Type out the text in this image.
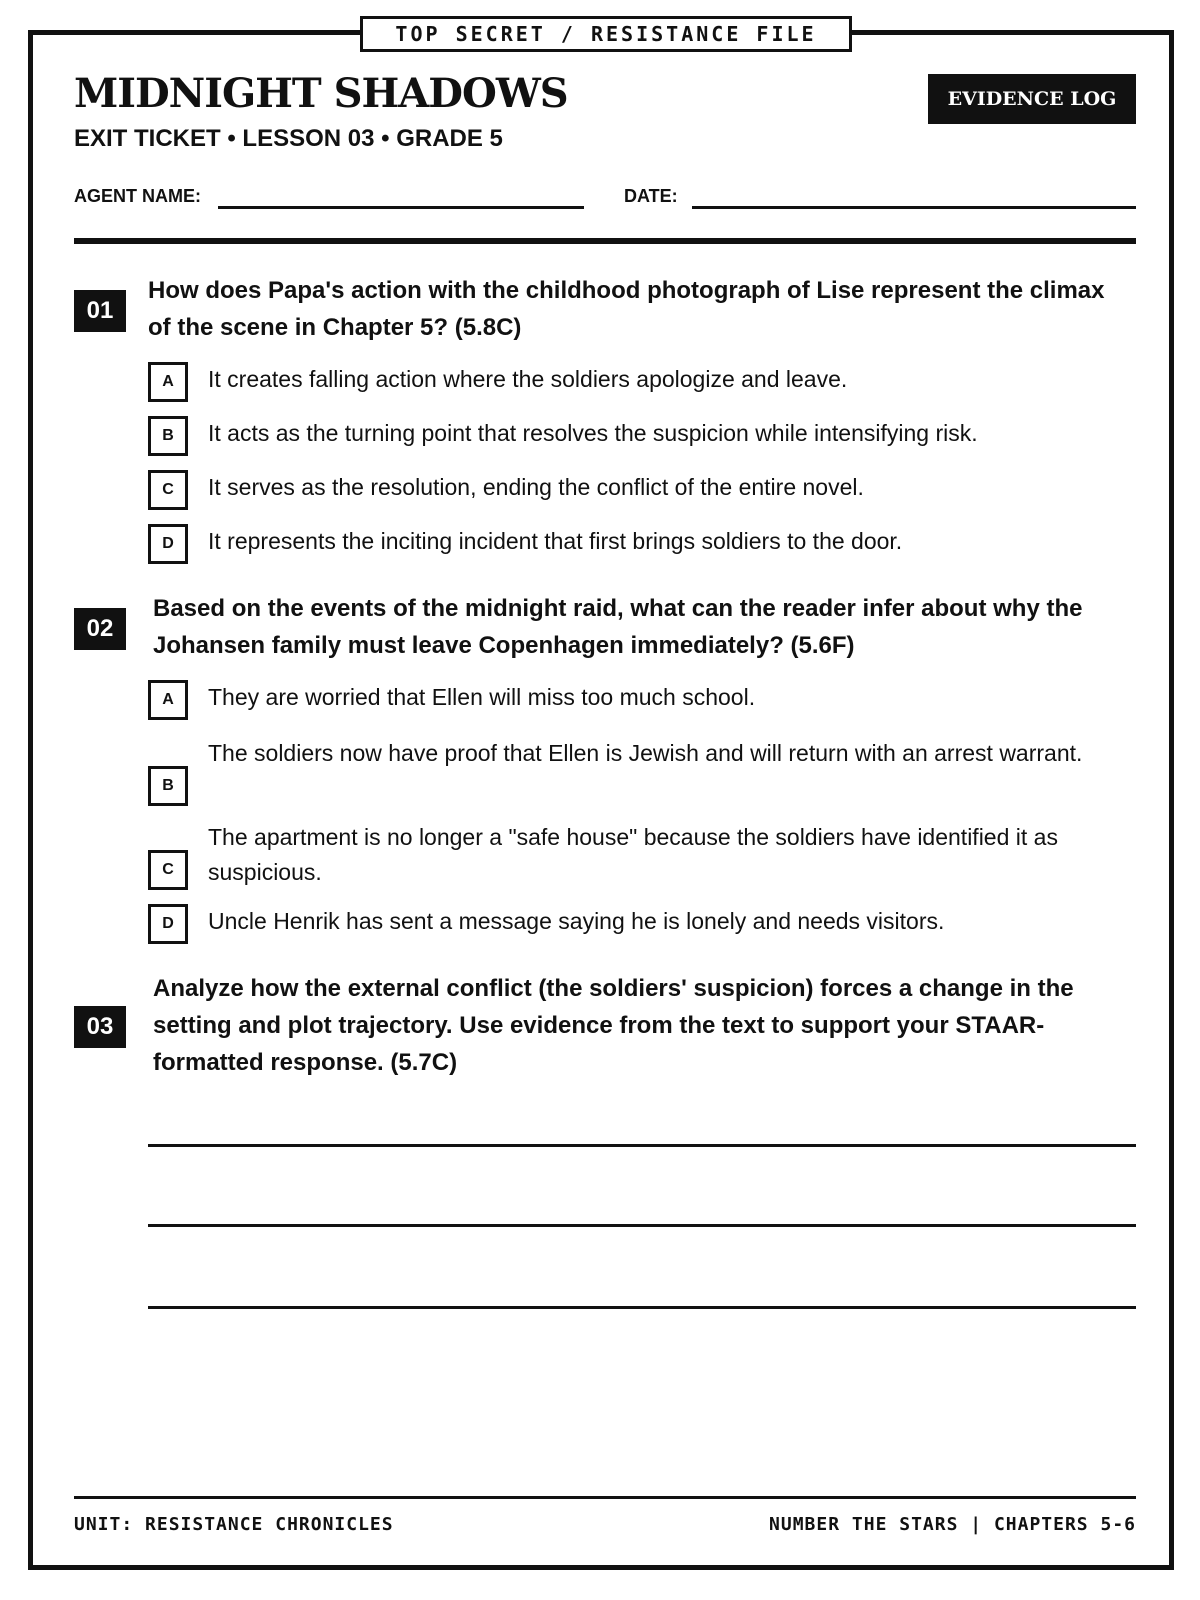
TOP SECRET / RESISTANCE FILE
MIDNIGHT SHADOWS
EXIT TICKET • LESSON 03 • GRADE 5
EVIDENCE LOG
AGENT NAME:	DATE:
01
How does Papa's action with the childhood photograph of Lise represent the climax of the scene in Chapter 5? (5.8C)
A	It creates falling action where the soldiers apologize and leave.
B	It acts as the turning point that resolves the suspicion while intensifying risk.
C	It serves as the resolution, ending the conflict of the entire novel.
D	It represents the inciting incident that first brings soldiers to the door.
02
Based on the events of the midnight raid, what can the reader infer about why the Johansen family must leave Copenhagen immediately? (5.6F)
A	They are worried that Ellen will miss too much school.
B
The soldiers now have proof that Ellen is Jewish and will return with an arrest warrant.
C
The apartment is no longer a "safe house" because the soldiers have identified it as suspicious.
D	Uncle Henrik has sent a message saying he is lonely and needs visitors.
03
Analyze how the external conflict (the soldiers' suspicion) forces a change in the setting and plot trajectory. Use evidence from the text to support your STAAR-formatted response. (5.7C)
UNIT: RESISTANCE CHRONICLES	NUMBER THE STARS | CHAPTERS 5-6
